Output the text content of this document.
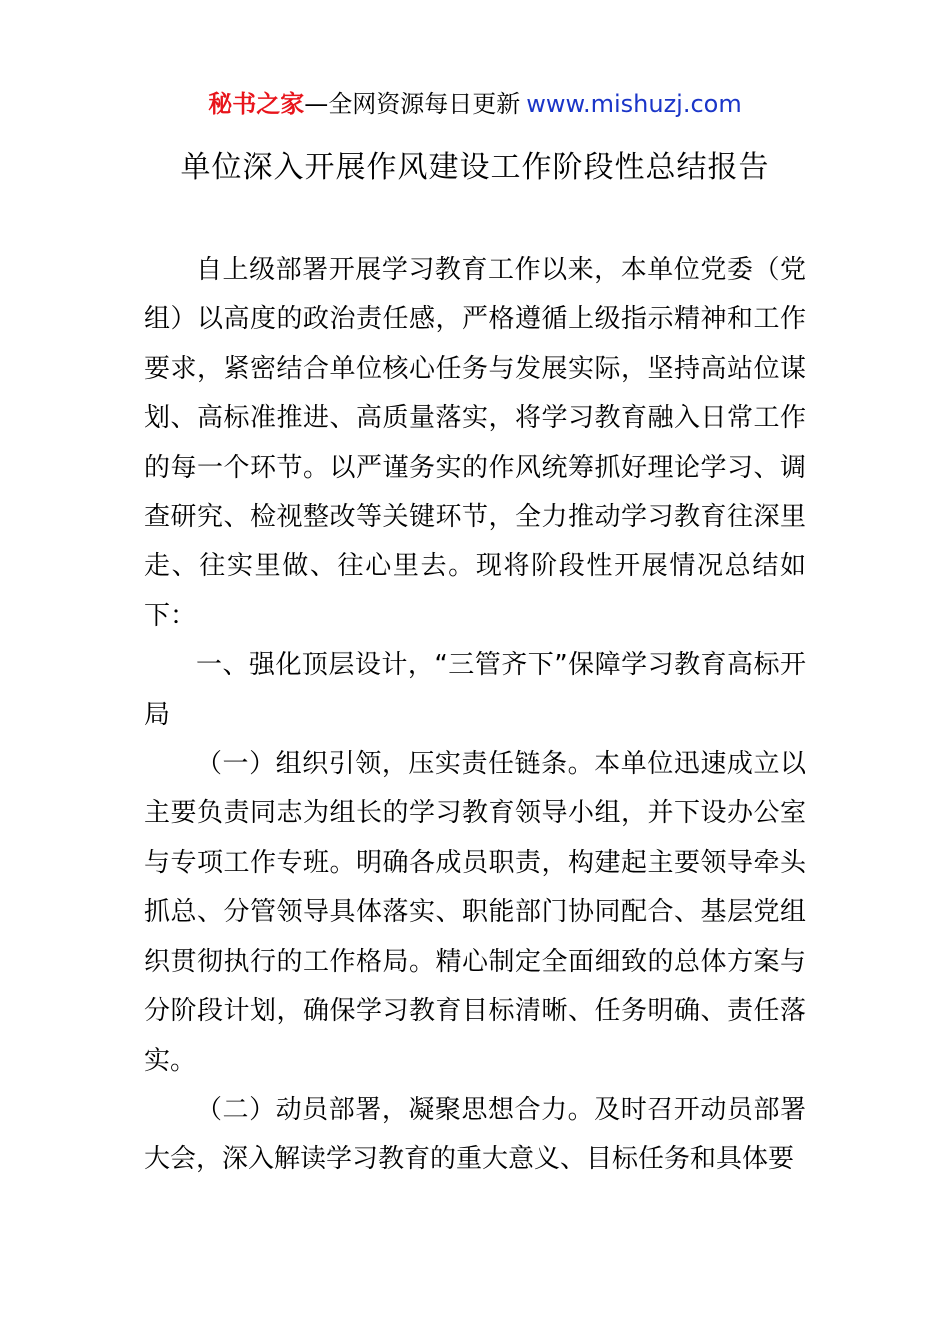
秘书之家—全网资源每日更新 www.mishuzj.com
单位深入开展作风建设工作阶段性总结报告

自上级部署开展学习教育工作以来，本单位党委（党组）以高度的政治责任感，严格遵循上级指示精神和工作要求，紧密结合单位核心任务与发展实际，坚持高站位谋划、高标准推进、高质量落实，将学习教育融入日常工作的每一个环节。以严谨务实的作风统筹抓好理论学习、调查研究、检视整改等关键环节，全力推动学习教育往深里走、往实里做、往心里去。现将阶段性开展情况总结如下：

一、强化顶层设计，“三管齐下”保障学习教育高标开局

（一）组织引领，压实责任链条。本单位迅速成立以主要负责同志为组长的学习教育领导小组，并下设办公室与专项工作专班。明确各成员职责，构建起主要领导牵头抓总、分管领导具体落实、职能部门协同配合、基层党组织贯彻执行的工作格局。精心制定全面细致的总体方案与分阶段计划，确保学习教育目标清晰、任务明确、责任落实。

（二）动员部署，凝聚思想合力。及时召开动员部署大会，深入解读学习教育的重大意义、目标任务和具体要
